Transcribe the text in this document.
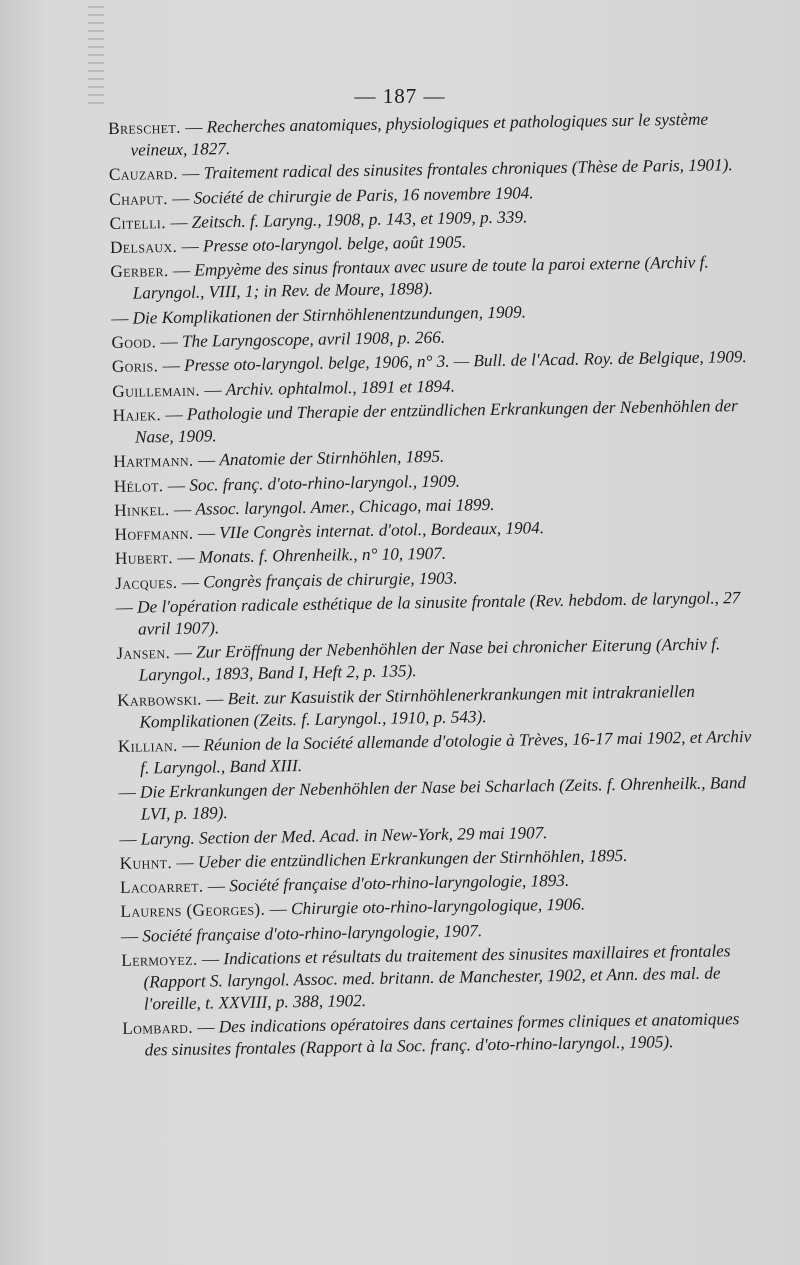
— 187 —
Breschet. — Recherches anatomiques, physiologiques et pathologiques sur le système veineux, 1827.
Cauzard. — Traitement radical des sinusites frontales chroniques (Thèse de Paris, 1901).
Chaput. — Société de chirurgie de Paris, 16 novembre 1904.
Citelli. — Zeitsch. f. Laryng., 1908, p. 143, et 1909, p. 339.
Delsaux. — Presse oto-laryngol. belge, août 1905.
Gerber. — Empyème des sinus frontaux avec usure de toute la paroi externe (Archiv f. Laryngol., VIII, 1; in Rev. de Moure, 1898).
— Die Komplikationen der Stirnhöhlenentzundungen, 1909.
Good. — The Laryngoscope, avril 1908, p. 266.
Goris. — Presse oto-laryngol. belge, 1906, n° 3. — Bull. de l'Acad. Roy. de Belgique, 1909.
Guillemain. — Archiv. ophtalmol., 1891 et 1894.
Hajek. — Pathologie und Therapie der entzündlichen Erkrankungen der Nebenhöhlen der Nase, 1909.
Hartmann. — Anatomie der Stirnhöhlen, 1895.
Hélot. — Soc. franç. d'oto-rhino-laryngol., 1909.
Hinkel. — Assoc. laryngol. Amer., Chicago, mai 1899.
Hoffmann. — VIIe Congrès internat. d'otol., Bordeaux, 1904.
Hubert. — Monats. f. Ohrenheilk., n° 10, 1907.
Jacques. — Congrès français de chirurgie, 1903.
— De l'opération radicale esthétique de la sinusite frontale (Rev. hebdom. de laryngol., 27 avril 1907).
Jansen. — Zur Eröffnung der Nebenhöhlen der Nase bei chronicher Eiterung (Archiv f. Laryngol., 1893, Band I, Heft 2, p. 135).
Karbowski. — Beit. zur Kasuistik der Stirnhöhlenerkrankungen mit intrakraniellen Komplikationen (Zeits. f. Laryngol., 1910, p. 543).
Killian. — Réunion de la Société allemande d'otologie à Trèves, 16-17 mai 1902, et Archiv f. Laryngol., Band XIII.
— Die Erkrankungen der Nebenhöhlen der Nase bei Scharlach (Zeits. f. Ohrenheilk., Band LVI, p. 189).
— Laryng. Section der Med. Acad. in New-York, 29 mai 1907.
Kuhnt. — Ueber die entzündlichen Erkrankungen der Stirnhöhlen, 1895.
Lacoarret. — Société française d'oto-rhino-laryngologie, 1893.
Laurens (Georges). — Chirurgie oto-rhino-laryngologique, 1906.
— Société française d'oto-rhino-laryngologie, 1907.
Lermoyez. — Indications et résultats du traitement des sinusites maxillaires et frontales (Rapport S. laryngol. Assoc. med. britann. de Manchester, 1902, et Ann. des mal. de l'oreille, t. XXVIII, p. 388, 1902.
Lombard. — Des indications opératoires dans certaines formes cliniques et anatomiques des sinusites frontales (Rapport à la Soc. franç. d'oto-rhino-laryngol., 1905).
